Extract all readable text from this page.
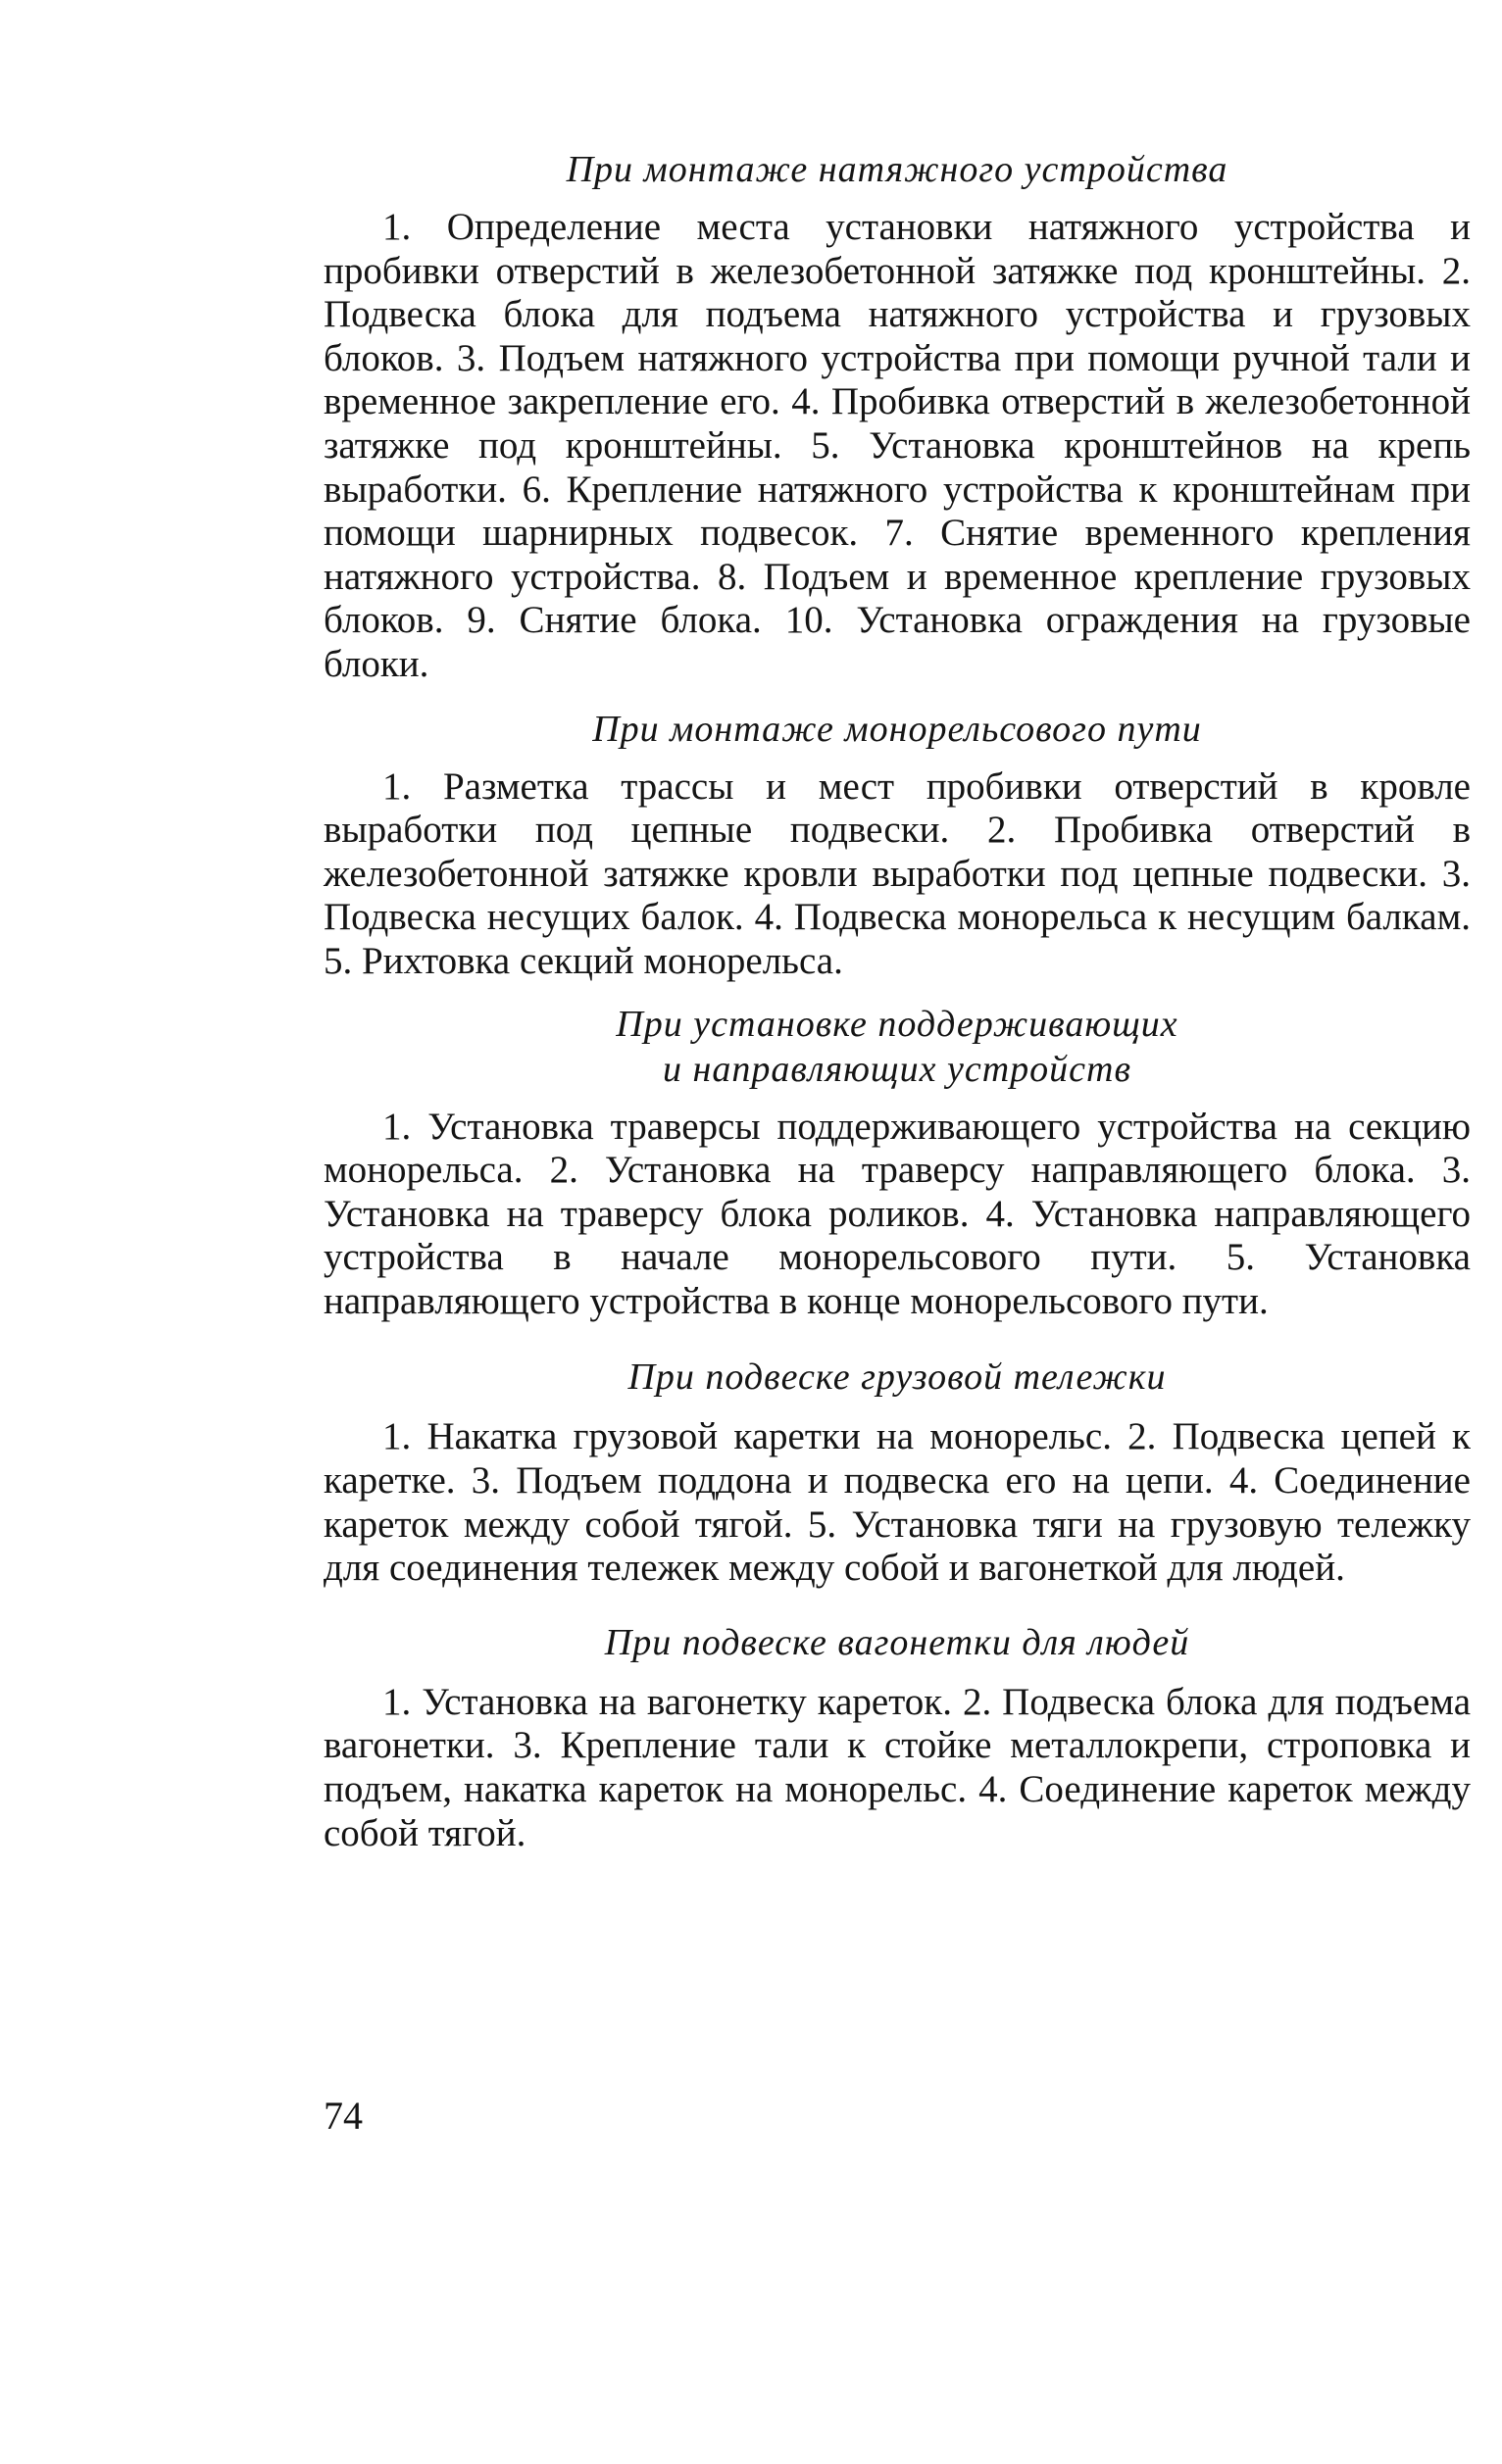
При монтаже натяжного устройства

1. Определение места установки натяжного устройства и пробивки отверстий в железобетонной затяжке под кронштейны. 2. Подвеска блока для подъема натяжного устройства и грузовых блоков. 3. Подъем натяжного устройства при помощи ручной тали и временное закрепление его. 4. Пробивка отверстий в железобетонной затяжке под кронштейны. 5. Установка кронштейнов на крепь выработки. 6. Крепление натяжного устройства к кронштейнам при помощи шарнирных подвесок. 7. Снятие временного крепления натяжного устройства. 8. Подъем и временное крепление грузовых блоков. 9. Снятие блока. 10. Установка ограждения на грузовые блоки.

При монтаже монорельсового пути

1. Разметка трассы и мест пробивки отверстий в кровле выработки под цепные подвески. 2. Пробивка отверстий в железобетонной затяжке кровли выработки под цепные подвески. 3. Подвеска несущих балок. 4. Подвеска монорельса к несущим балкам. 5. Рихтовка секций монорельса.

При установке поддерживающих
и направляющих устройств

1. Установка траверсы поддерживающего устройства на секцию монорельса. 2. Установка на траверсу направляющего блока. 3. Установка на траверсу блока роликов. 4. Установка направляющего устройства в начале монорельсового пути. 5. Установка направляющего устройства в конце монорельсового пути.

При подвеске грузовой тележки

1. Накатка грузовой каретки на монорельс. 2. Подвеска цепей к каретке. 3. Подъем поддона и подвеска его на цепи. 4. Соединение кареток между собой тягой. 5. Установка тяги на грузовую тележку для соединения тележек между собой и вагонеткой для людей.

При подвеске вагонетки для людей

1. Установка на вагонетку кареток. 2. Подвеска блока для подъема вагонетки. 3. Крепление тали к стойке металлокрепи, строповка и подъем, накатка кареток на монорельс. 4. Соединение кареток между собой тягой.

74
